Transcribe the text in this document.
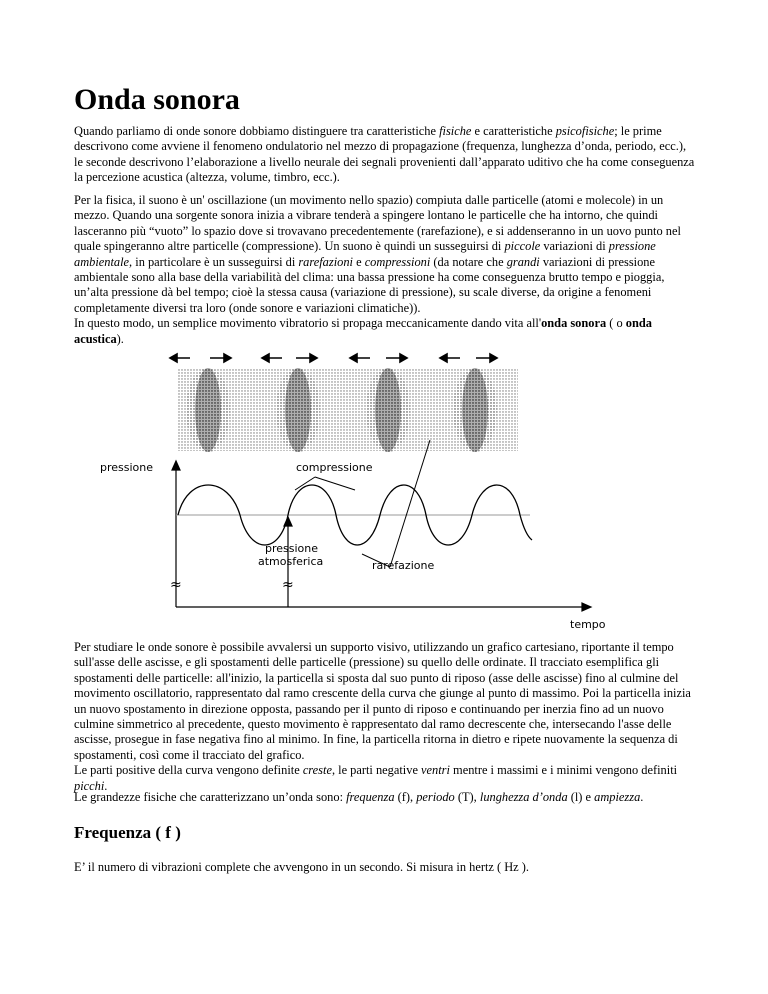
Onda sonora

Quando parliamo di onde sonore dobbiamo distinguere tra caratteristiche fisiche e caratteristiche psicofisiche; le prime descrivono come avviene il fenomeno ondulatorio nel mezzo di propagazione (frequenza, lunghezza d’onda, periodo, ecc.), le seconde descrivono l’elaborazione a livello neurale dei segnali provenienti dall’apparato uditivo che ha come conseguenza la percezione acustica (altezza, volume, timbro, ecc.).

Per la fisica, il suono è un' oscillazione (un movimento nello spazio) compiuta dalle particelle (atomi e molecole) in un mezzo. Quando una sorgente sonora inizia a vibrare tenderà a spingere lontano le particelle che ha intorno, che quindi lasceranno più “vuoto” lo spazio dove si trovavano precedentemente (rarefazione), e si addenseranno in un uovo punto nel quale spingeranno altre particelle (compressione). Un suono è quindi un susseguirsi di piccole variazioni di pressione ambientale, in particolare è un susseguirsi di rarefazioni e compressioni (da notare che grandi variazioni di pressione ambientale sono alla base della variabilità del clima: una bassa pressione ha come conseguenza brutto tempo e pioggia, un’alta pressione dà bel tempo; cioè la stessa causa (variazione di pressione), su scale diverse, da origine a fenomeni completamente diversi tra loro (onde sonore e variazioni climatiche)).
In questo modo, un semplice movimento vibratorio si propaga meccanicamente dando vita all'onda sonora ( o onda acustica).

≈	≈
pressione	compressione
pressione
atmosferica	rarefazione
tempo

Per studiare le onde sonore è possibile avvalersi un supporto visivo, utilizzando un grafico cartesiano, riportante il tempo sull'asse delle ascisse, e gli spostamenti delle particelle (pressione) su quello delle ordinate. Il tracciato esemplifica gli spostamenti delle particelle: all'inizio, la particella si sposta dal suo punto di riposo (asse delle ascisse) fino al culmine del movimento oscillatorio, rappresentato dal ramo crescente della curva che giunge al punto di massimo. Poi la particella inizia un nuovo spostamento in direzione opposta, passando per il punto di riposo e continuando per inerzia fino ad un nuovo culmine simmetrico al precedente, questo movimento è rappresentato dal ramo decrescente che, intersecando l'asse delle ascisse, prosegue in fase negativa fino al minimo. In fine, la particella ritorna in dietro e ripete nuovamente la sequenza di spostamenti, così come il tracciato del grafico.
Le parti positive della curva vengono definite creste, le parti negative ventri mentre i massimi e i minimi vengono definiti picchi.

Le grandezze fisiche che caratterizzano un’onda sono: frequenza (f), periodo (T), lunghezza d’onda (l) e ampiezza.

Frequenza ( f )

E’ il numero di vibrazioni complete che avvengono in un secondo. Si misura in hertz ( Hz ).
